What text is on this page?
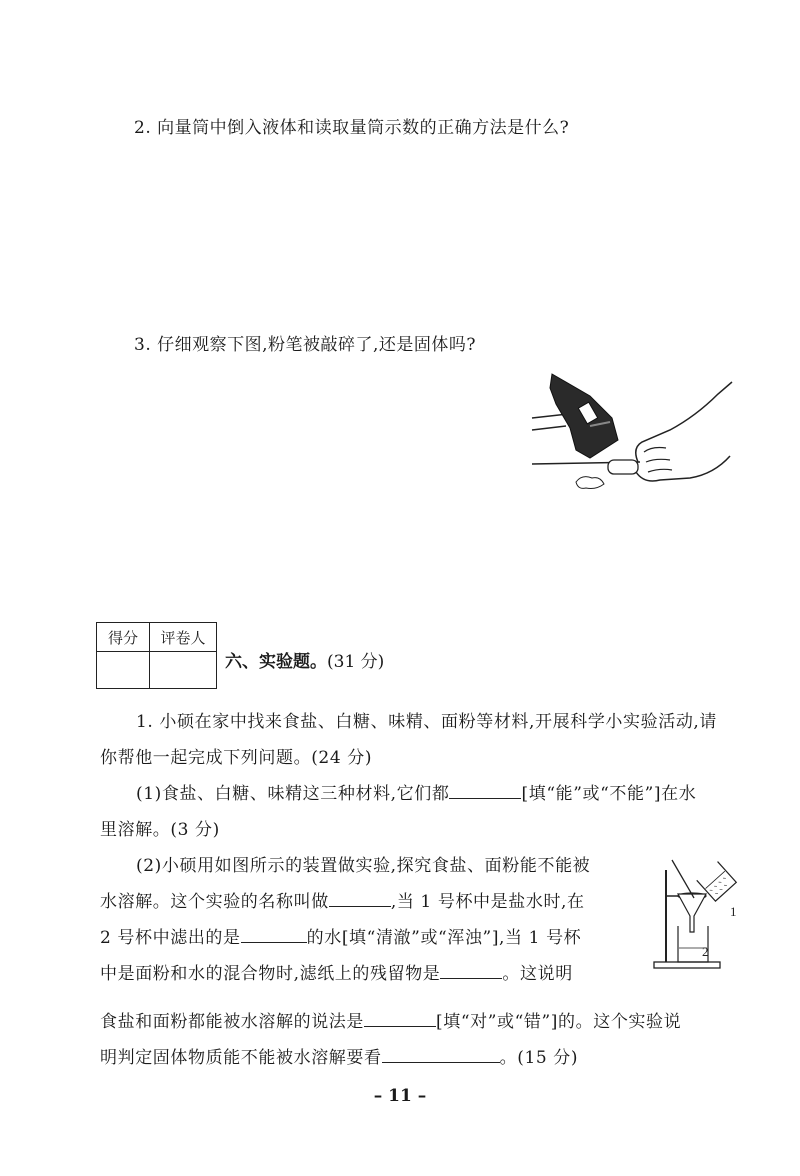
2. 向量筒中倒入液体和读取量筒示数的正确方法是什么?
3. 仔细观察下图,粉笔被敲碎了,还是固体吗?
得分	评卷人

六、实验题。(31 分)
1. 小硕在家中找来食盐、白糖、味精、面粉等材料,开展科学小实验活动,请
你帮他一起完成下列问题。(24 分)
(1)食盐、白糖、味精这三种材料,它们都	[填“能”或“不能”]在水
里溶解。(3 分)
(2)小硕用如图所示的装置做实验,探究食盐、面粉能不能被
水溶解。这个实验的名称叫做	,当 1 号杯中是盐水时,在
2 号杯中滤出的是	的水[填“清澈”或“浑浊”],当 1 号杯
中是面粉和水的混合物时,滤纸上的残留物是	。这说明
食盐和面粉都能被水溶解的说法是	[填“对”或“错”]的。这个实验说
明判定固体物质能不能被水溶解要看	。(15 分)
1
2
– 11 –
